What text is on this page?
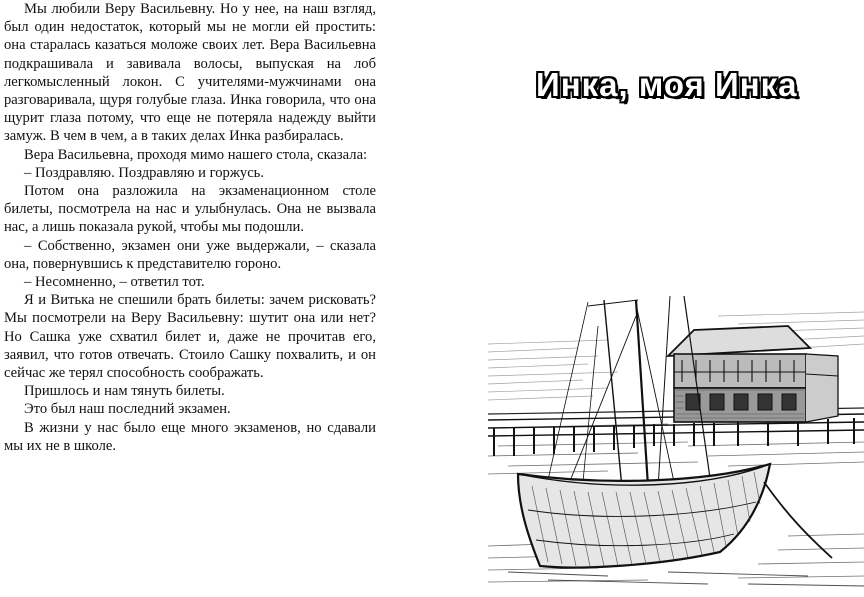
Мы любили Веру Васильевну. Но у нее, на наш взгляд, был один недостаток, который мы не могли ей простить: она старалась казаться моложе своих лет. Вера Васильевна подкрашивала и завивала волосы, выпуская на лоб легкомысленный локон. С учителями-мужчинами она разговаривала, щуря голубые глаза. Инка говорила, что она щурит глаза потому, что еще не потеряла надежду выйти замуж. В чем в чем, а в таких делах Инка разбиралась.

Вера Васильевна, проходя мимо нашего стола, сказала:

– Поздравляю. Поздравляю и горжусь.

Потом она разложила на экзаменационном столе билеты, посмотрела на нас и улыбнулась. Она не вызвала нас, а лишь показала рукой, чтобы мы подошли.

– Собственно, экзамен они уже выдержали, – сказала она, повернувшись к представителю гороно.

– Несомненно, – ответил тот.

Я и Витька не спешили брать билеты: зачем рисковать? Мы посмотрели на Веру Васильевну: шутит она или нет? Но Сашка уже схватил билет и, даже не прочитав его, заявил, что готов отвечать. Стоило Сашку похвалить, и он сейчас же терял способность соображать.

Пришлось и нам тянуть билеты.

Это был наш последний экзамен.

В жизни у нас было еще много экзаменов, но сдавали мы их не в школе.

Инка, моя Инка
